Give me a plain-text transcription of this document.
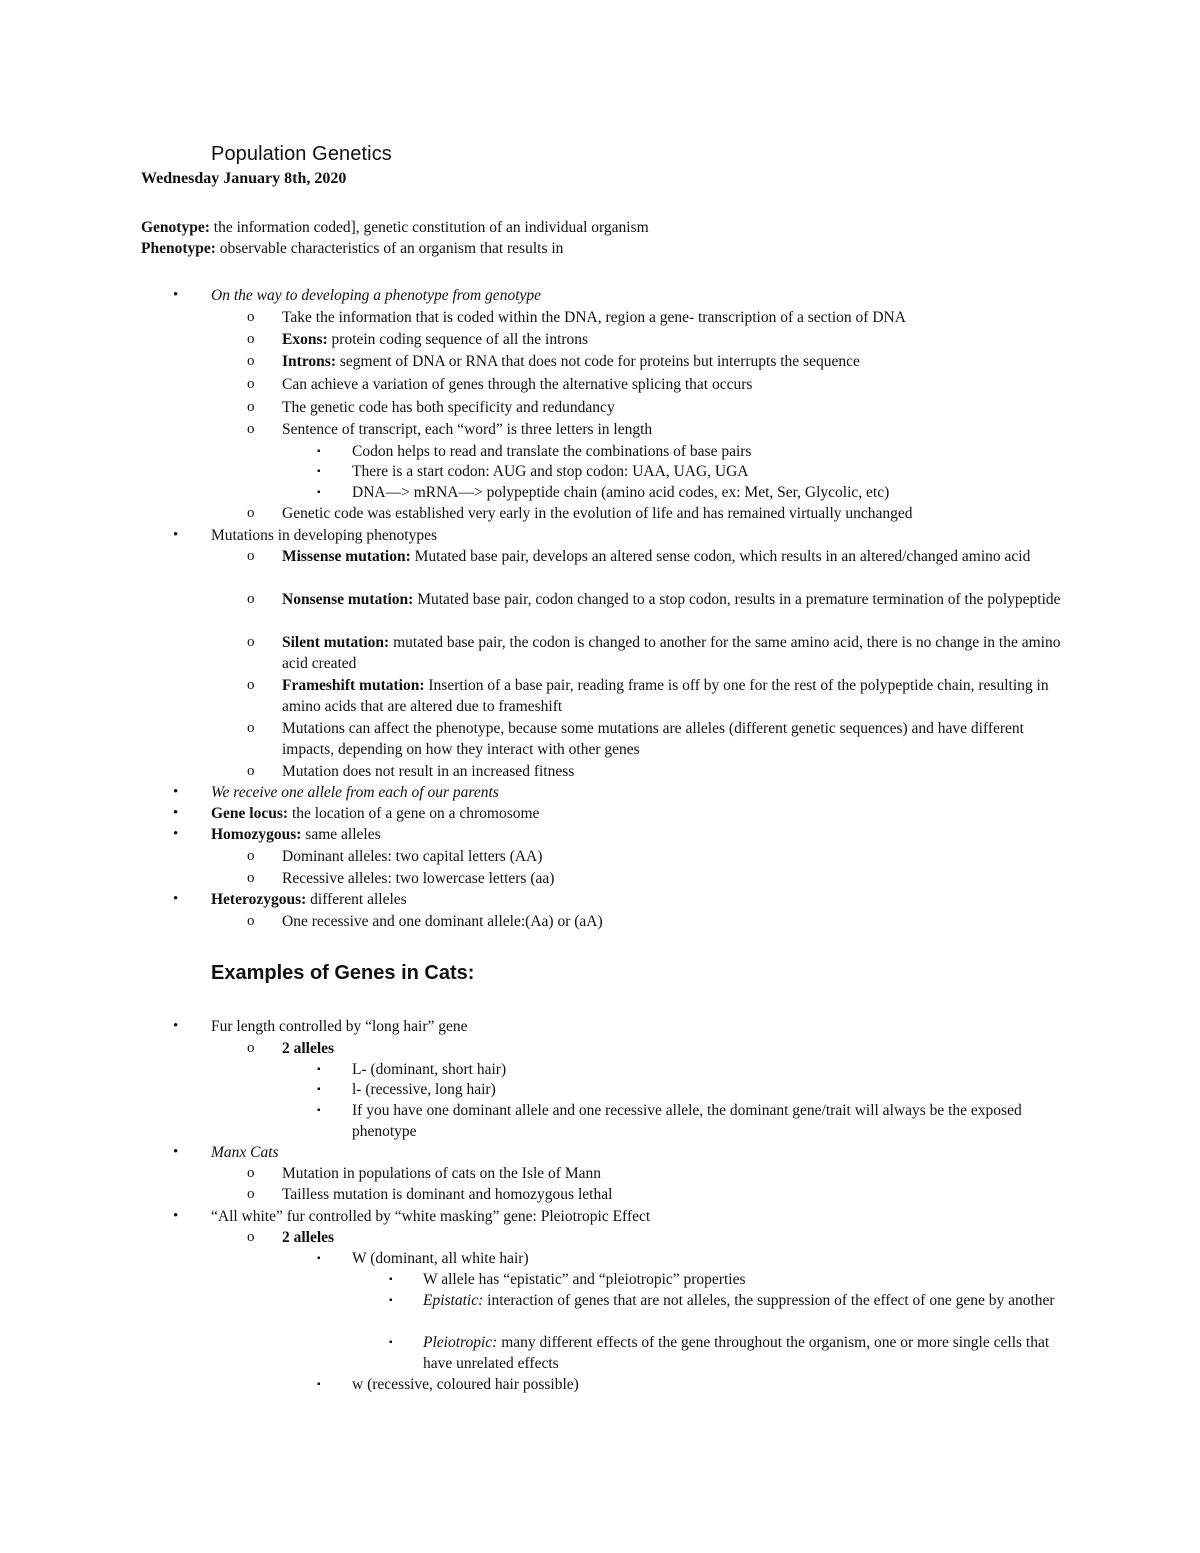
Population Genetics
Wednesday January 8th, 2020
Genotype: the information coded], genetic constitution of an individual organism
Phenotype: observable characteristics of an organism that results in
• On the way to developing a phenotype from genotype
o Take the information that is coded within the DNA, region a gene- transcription of a section of DNA
o Exons: protein coding sequence of all the introns
o Introns: segment of DNA or RNA that does not code for proteins but interrupts the sequence
o Can achieve a variation of genes through the alternative splicing that occurs
o The genetic code has both specificity and redundancy
o Sentence of transcript, each “word” is three letters in length
▪ Codon helps to read and translate the combinations of base pairs
▪ There is a start codon: AUG and stop codon: UAA, UAG, UGA
▪ DNA—> mRNA—> polypeptide chain (amino acid codes, ex: Met, Ser, Glycolic, etc)
o Genetic code was established very early in the evolution of life and has remained virtually unchanged
• Mutations in developing phenotypes
o Missense mutation: Mutated base pair, develops an altered sense codon, which results in an altered/changed amino acid
o Nonsense mutation: Mutated base pair, codon changed to a stop codon, results in a premature termination of the polypeptide
o Silent mutation: mutated base pair, the codon is changed to another for the same amino acid, there is no change in the amino acid created
o Frameshift mutation: Insertion of a base pair, reading frame is off by one for the rest of the polypeptide chain, resulting in amino acids that are altered due to frameshift
o Mutations can affect the phenotype, because some mutations are alleles (different genetic sequences) and have different impacts, depending on how they interact with other genes
o Mutation does not result in an increased fitness
• We receive one allele from each of our parents
• Gene locus: the location of a gene on a chromosome
• Homozygous: same alleles
o Dominant alleles: two capital letters (AA)
o Recessive alleles: two lowercase letters (aa)
• Heterozygous: different alleles
o One recessive and one dominant allele:(Aa) or (aA)
Examples of Genes in Cats:
• Fur length controlled by “long hair” gene
o 2 alleles
▪ L- (dominant, short hair)
▪ l- (recessive, long hair)
▪ If you have one dominant allele and one recessive allele, the dominant gene/trait will always be the exposed phenotype
• Manx Cats
o Mutation in populations of cats on the Isle of Mann
o Tailless mutation is dominant and homozygous lethal
• “All white” fur controlled by “white masking” gene: Pleiotropic Effect
o 2 alleles
▪ W (dominant, all white hair)
▪ W allele has “epistatic” and “pleiotropic” properties
▪ Epistatic: interaction of genes that are not alleles, the suppression of the effect of one gene by another
▪ Pleiotropic: many different effects of the gene throughout the organism, one or more single cells that have unrelated effects
▪ w (recessive, coloured hair possible)
